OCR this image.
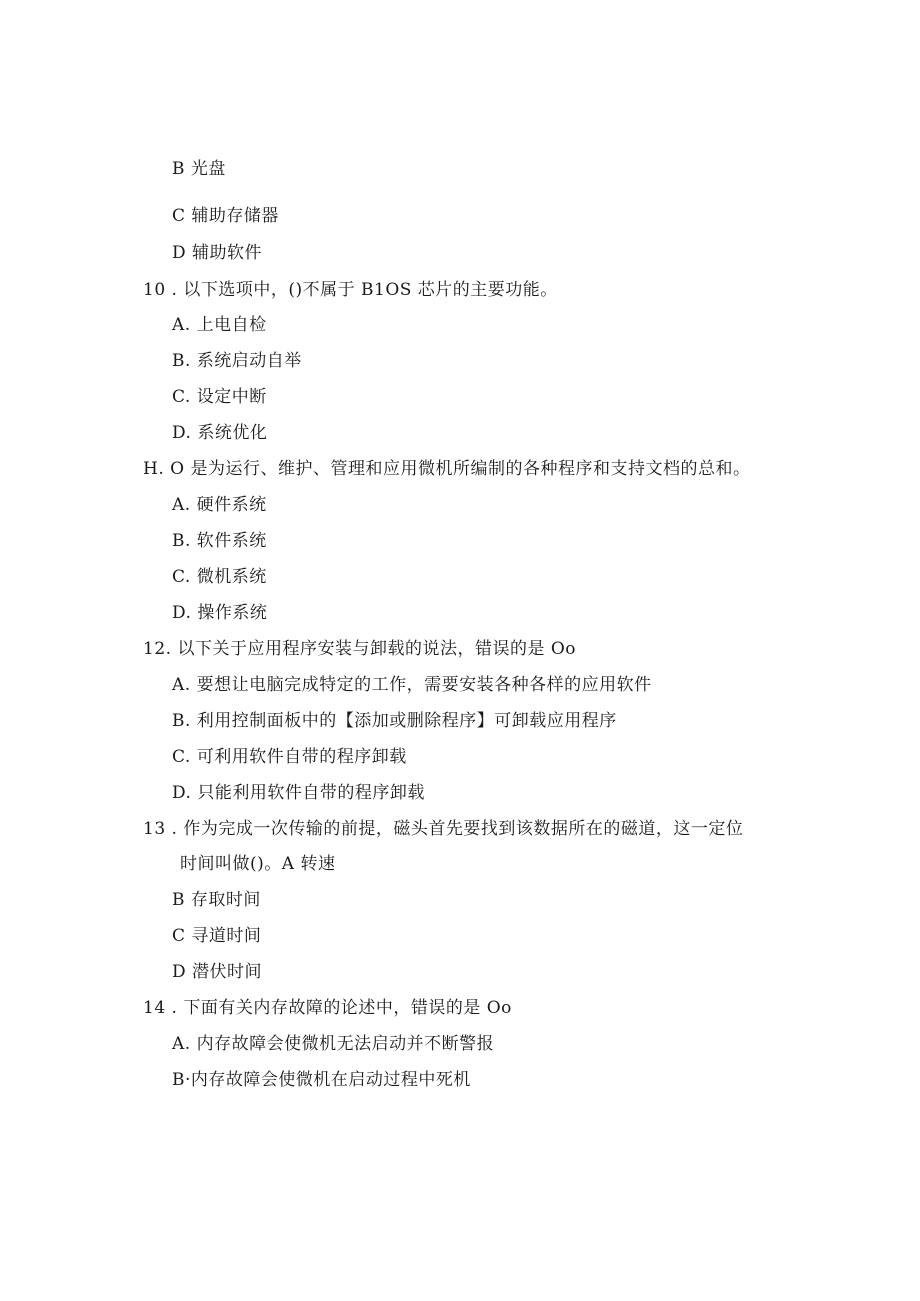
B 光盘
C 辅助存储器
D 辅助软件
10 . 以下选项中，()不属于 B1OS 芯片的主要功能。
A. 上电自检
B. 系统启动自举
C. 设定中断
D. 系统优化
H. O 是为运行、维护、管理和应用微机所编制的各种程序和支持文档的总和。
A. 硬件系统
B. 软件系统
C. 微机系统
D. 操作系统
12. 以下关于应用程序安装与卸载的说法，错误的是 Oo
A. 要想让电脑完成特定的工作，需要安装各种各样的应用软件
B. 利用控制面板中的【添加或删除程序】可卸载应用程序
C. 可利用软件自带的程序卸载
D. 只能利用软件自带的程序卸载
13 . 作为完成一次传输的前提，磁头首先要找到该数据所在的磁道，这一定位
时间叫做()。A 转速
B 存取时间
C 寻道时间
D 潜伏时间
14 . 下面有关内存故障的论述中，错误的是 Oo
A. 内存故障会使微机无法启动并不断警报
B·内存故障会使微机在启动过程中死机
